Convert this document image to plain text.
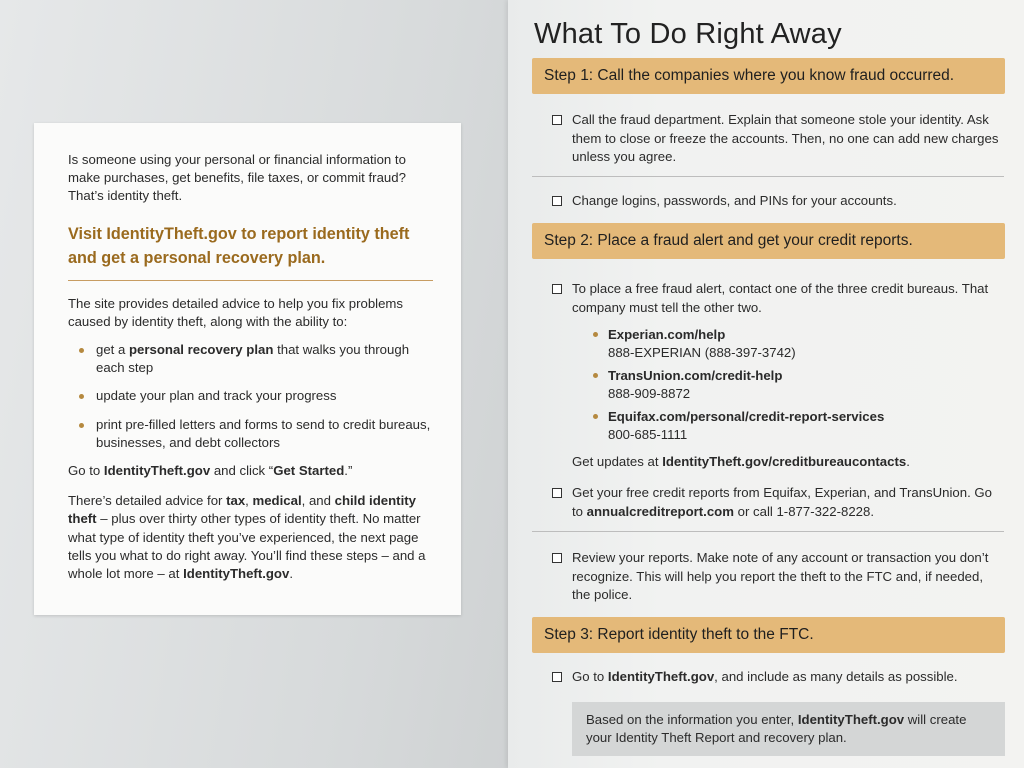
Is someone using your personal or financial information to make purchases, get benefits, file taxes, or commit fraud? That’s identity theft.

Visit IdentityTheft.gov to report identity theft and get a personal recovery plan.

The site provides detailed advice to help you fix problems caused by identity theft, along with the ability to:

get a personal recovery plan that walks you through each step
update your plan and track your progress
print pre-filled letters and forms to send to credit bureaus, businesses, and debt collectors

Go to IdentityTheft.gov and click “Get Started.”

There’s detailed advice for tax, medical, and child identity theft – plus over thirty other types of identity theft. No matter what type of identity theft you’ve experienced, the next page tells you what to do right away. You’ll find these steps – and a whole lot more – at IdentityTheft.gov.

What To Do Right Away
Step 1: Call the companies where you know fraud occurred.
Call the fraud department. Explain that someone stole your identity. Ask them to close or freeze the accounts. Then, no one can add new charges unless you agree.
Change logins, passwords, and PINs for your accounts.
Step 2: Place a fraud alert and get your credit reports.
To place a free fraud alert, contact one of the three credit bureaus. That company must tell the other two.
Experian.com/help
888-EXPERIAN (888-397-3742)
TransUnion.com/credit-help
888-909-8872
Equifax.com/personal/credit-report-services
800-685-1111
Get updates at IdentityTheft.gov/creditbureaucontacts.
Get your free credit reports from Equifax, Experian, and TransUnion. Go to annualcreditreport.com or call 1-877-322-8228.
Review your reports. Make note of any account or transaction you don’t recognize. This will help you report the theft to the FTC and, if needed, the police.
Step 3: Report identity theft to the FTC.
Go to IdentityTheft.gov, and include as many details as possible.
Based on the information you enter, IdentityTheft.gov will create your Identity Theft Report and recovery plan.
